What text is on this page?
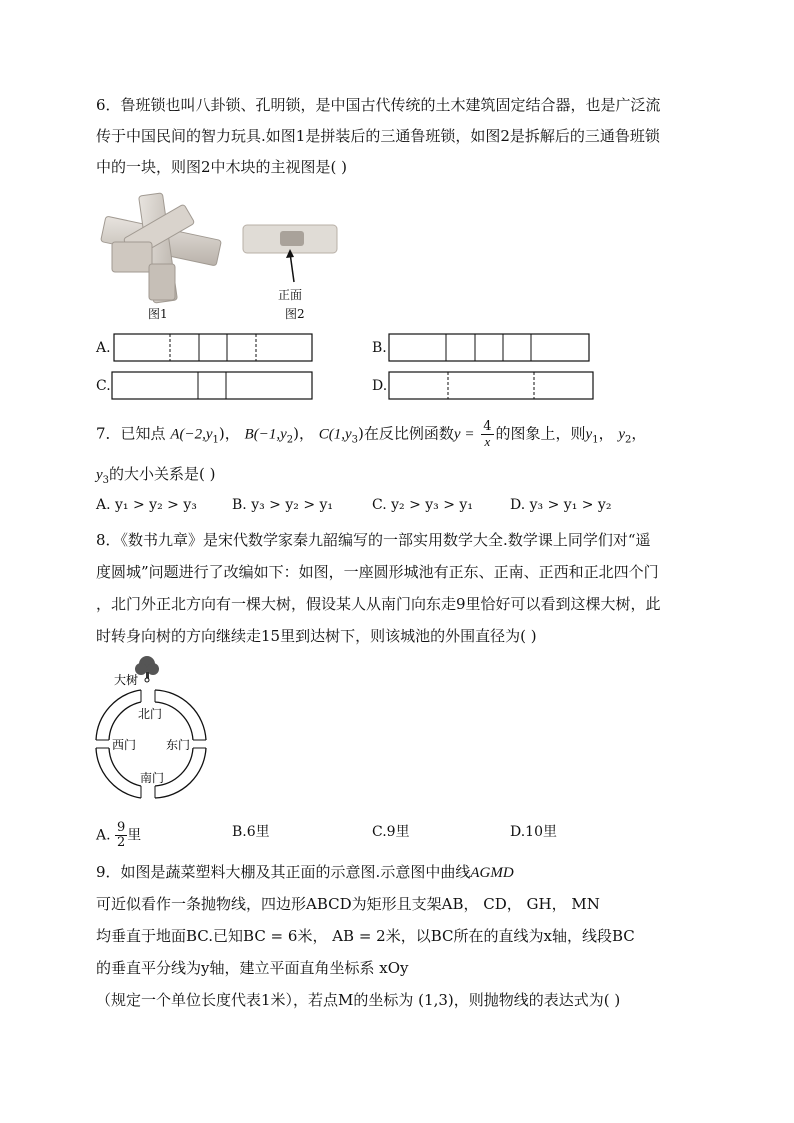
6．鲁班锁也叫八卦锁、孔明锁，是中国古代传统的土木建筑固定结合器，也是广泛流
传于中国民间的智力玩具.如图1是拼装后的三通鲁班锁，如图2是拆解后的三通鲁班锁
中的一块，则图2中木块的主视图是( )
图1
正面
图2
A.	B.
C.	D.
7．已知点 $A(-2,y_1)$， $B(-1,y_2)$， $C(1,y_3)$在反比例函数$y = \frac{4}{x}$ 的图象上，则$y_1$， $y_2$，
$y_3$的大小关系是( )
A. y₁ > y₂ > y₃	B. y₃ > y₂ > y₁	C. y₂ > y₃ > y₁	D. y₃ > y₁ > y₂
8．《数书九章》是宋代数学家秦九韶编写的一部实用数学大全.数学课上同学们对“遥
度圆城”问题进行了改编如下：如图，一座圆形城池有正东、正南、正西和正北四个门
，北门外正北方向有一棵大树，假设某人从南门向东走9里恰好可以看到这棵大树，此
时转身向树的方向继续走15里到达树下，则该城池的外围直径为( )
大树
北门
西门 东门
南门
A. $\frac{9}{2}$ 里	B.6里	C.9里	D.10里
9．如图是蔬菜塑料大棚及其正面的示意图.示意图中曲线AGMD
可近似看作一条抛物线，四边形ABCD为矩形且支架AB， CD， GH， MN
均垂直于地面BC.已知BC = 6米， AB = 2米，以BC所在的直线为x轴，线段BC
的垂直平分线为y轴，建立平面直角坐标系 xOy
（规定一个单位长度代表1米），若点M的坐标为 (1,3)，则抛物线的表达式为( )
